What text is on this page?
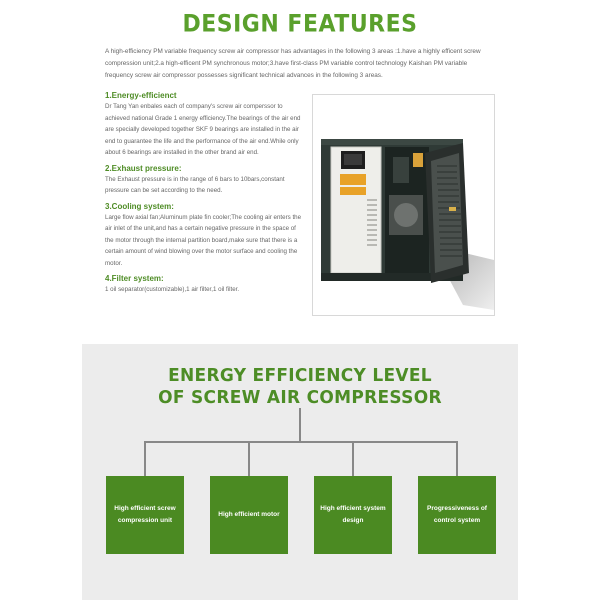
DESIGN FEATURES
A high-efficiency PM variable frequency screw air compressor has advantages in the following 3 areas :1.have a highly efficent screw compression unit;2.a high-efficent PM synchronous motor;3.have first-class PM variable control technology Kaishan PM variable frequency screw air compressor possesses significant technical advances in the following 3 areas.

1.Energy-efficienct

Dr Tang Yan enbales each of company's screw air comperssor to achieved national Grade 1 energy efficiency.The bearings of the air end are specially developed together SKF 9 bearings are installed in the air end to guarantee the life and the performance of the air end.While only about 6 bearings are installed in the other brand air end.

2.Exhaust pressure:

The Exhaust pressure is in the range of 6 bars to 10bars,constant pressure can be set according to the need.

3.Cooling system:

Large flow axial fan;Aluminum plate fin cooler;The cooling air enters the air inlet of the unit,and has a certain negative pressure in the space of the motor through the internal partition board,make sure that there is a certain amount of wind blowing over the motor surface and cooling the motor.

4.Filter system:

1 oil separator(customizable),1 air filter,1 oil filter.

ENERGY EFFICIENCY LEVEL
OF SCREW AIR COMPRESSOR
High efficient screw compression unit
High efficient motor
High efficient system design
Progressiveness of control system
